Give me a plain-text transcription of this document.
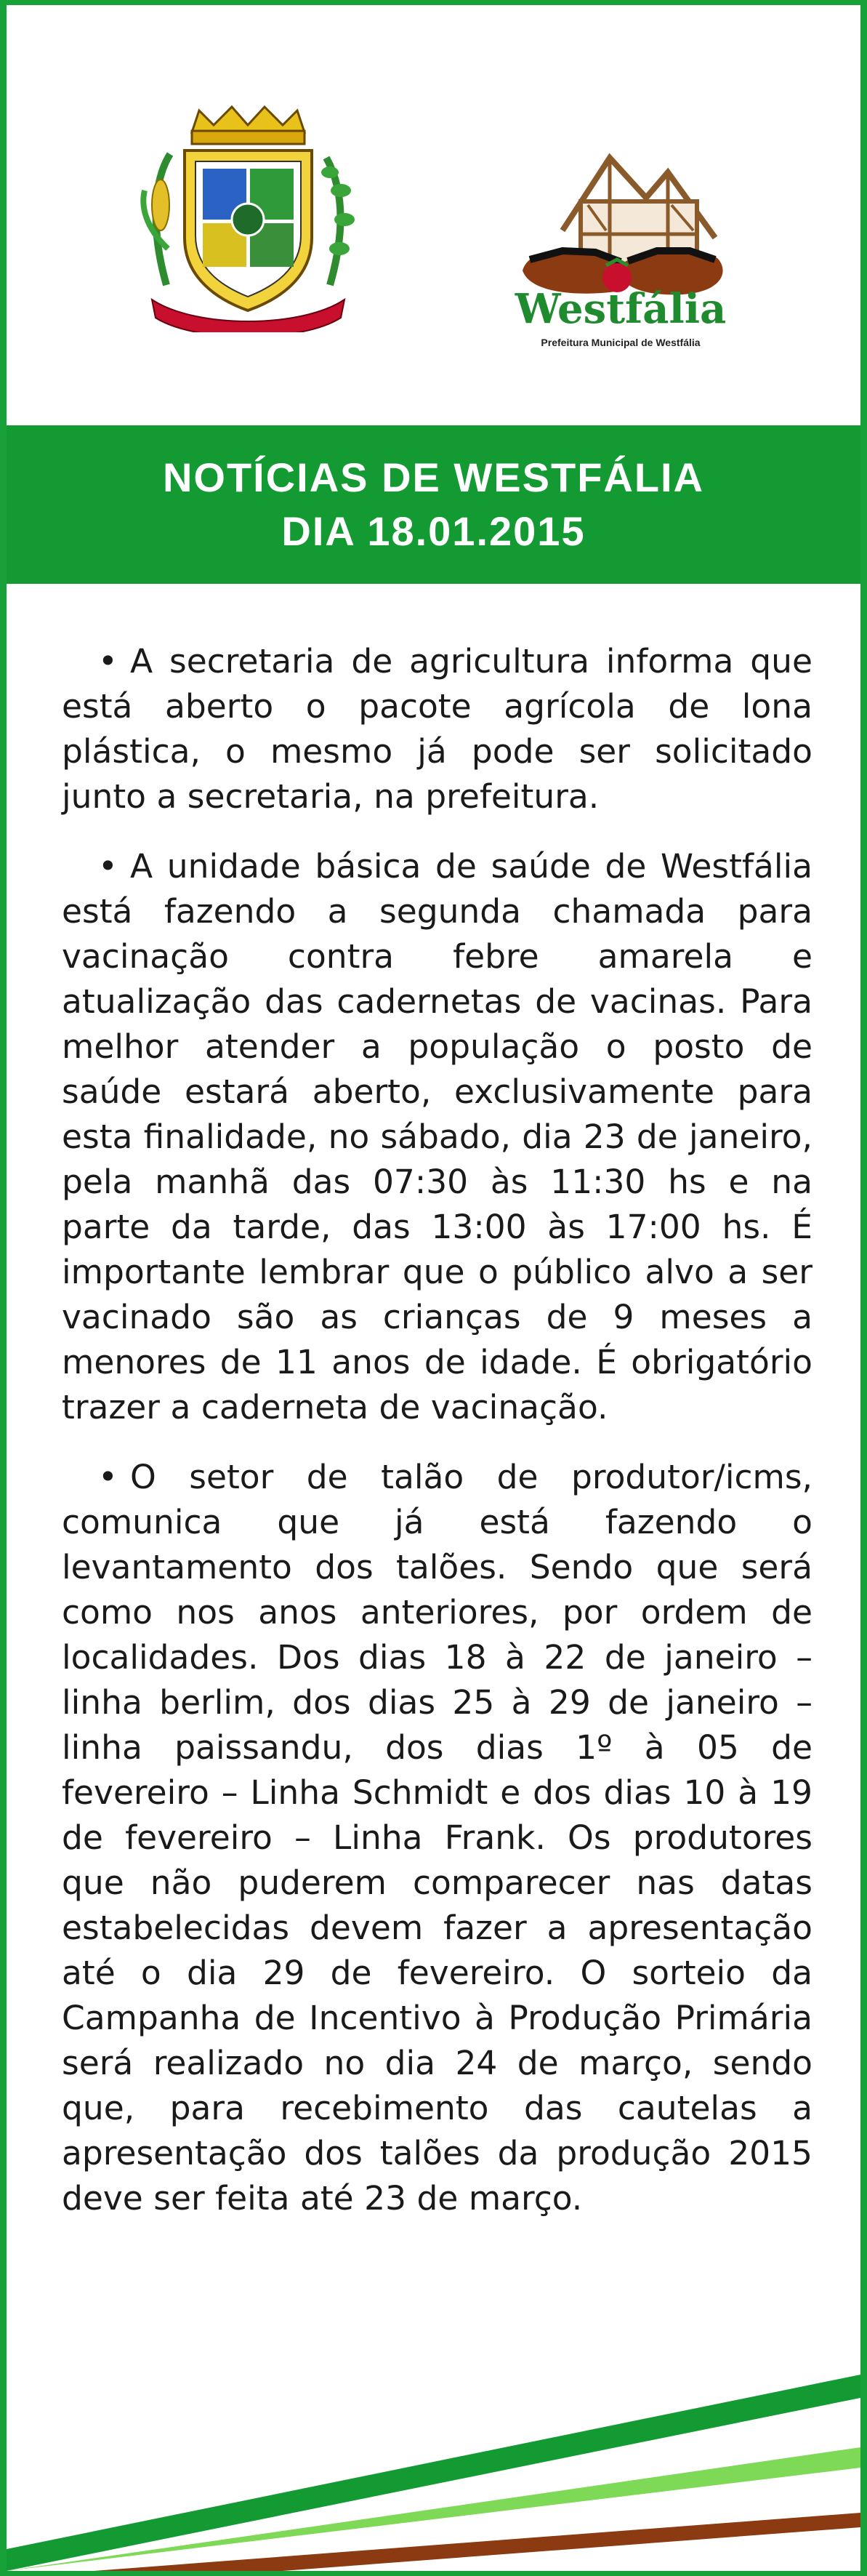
Westfália
Prefeitura Municipal de Westfália
NOTÍCIAS DE WESTFÁLIA
DIA 18.01.2015

• A secretaria de agricultura informa que está aberto o pacote agrícola de lona plástica, o mesmo já pode ser solicitado junto a secretaria, na prefeitura.

• A unidade básica de saúde de Westfália está fazendo a segunda chamada para vacinação contra febre amarela e atualização das cadernetas de vacinas. Para melhor atender a população o posto de saúde estará aberto, exclusivamente para esta finalidade, no sábado, dia 23 de janeiro, pela manhã das 07:30 às 11:30 hs e na parte da tarde, das 13:00 às 17:00 hs. É importante lembrar que o público alvo a ser vacinado são as crianças de 9 meses a menores de 11 anos de idade. É obrigatório trazer a caderneta de vacinação.

• O setor de talão de produtor/icms, comunica que já está fazendo o levantamento dos talões. Sendo que será como nos anos anteriores, por ordem de localidades. Dos dias 18 à 22 de janeiro – linha berlim, dos dias 25 à 29 de janeiro – linha paissandu, dos dias 1º à 05 de fevereiro – Linha Schmidt e dos dias 10 à 19 de fevereiro – Linha Frank. Os produtores que não puderem comparecer nas datas estabelecidas devem fazer a apresentação até o dia 29 de fevereiro. O sorteio da Campanha de Incentivo à Produção Primária será realizado no dia 24 de março, sendo que, para recebimento das cautelas a apresentação dos talões da produção 2015 deve ser feita até 23 de março.
